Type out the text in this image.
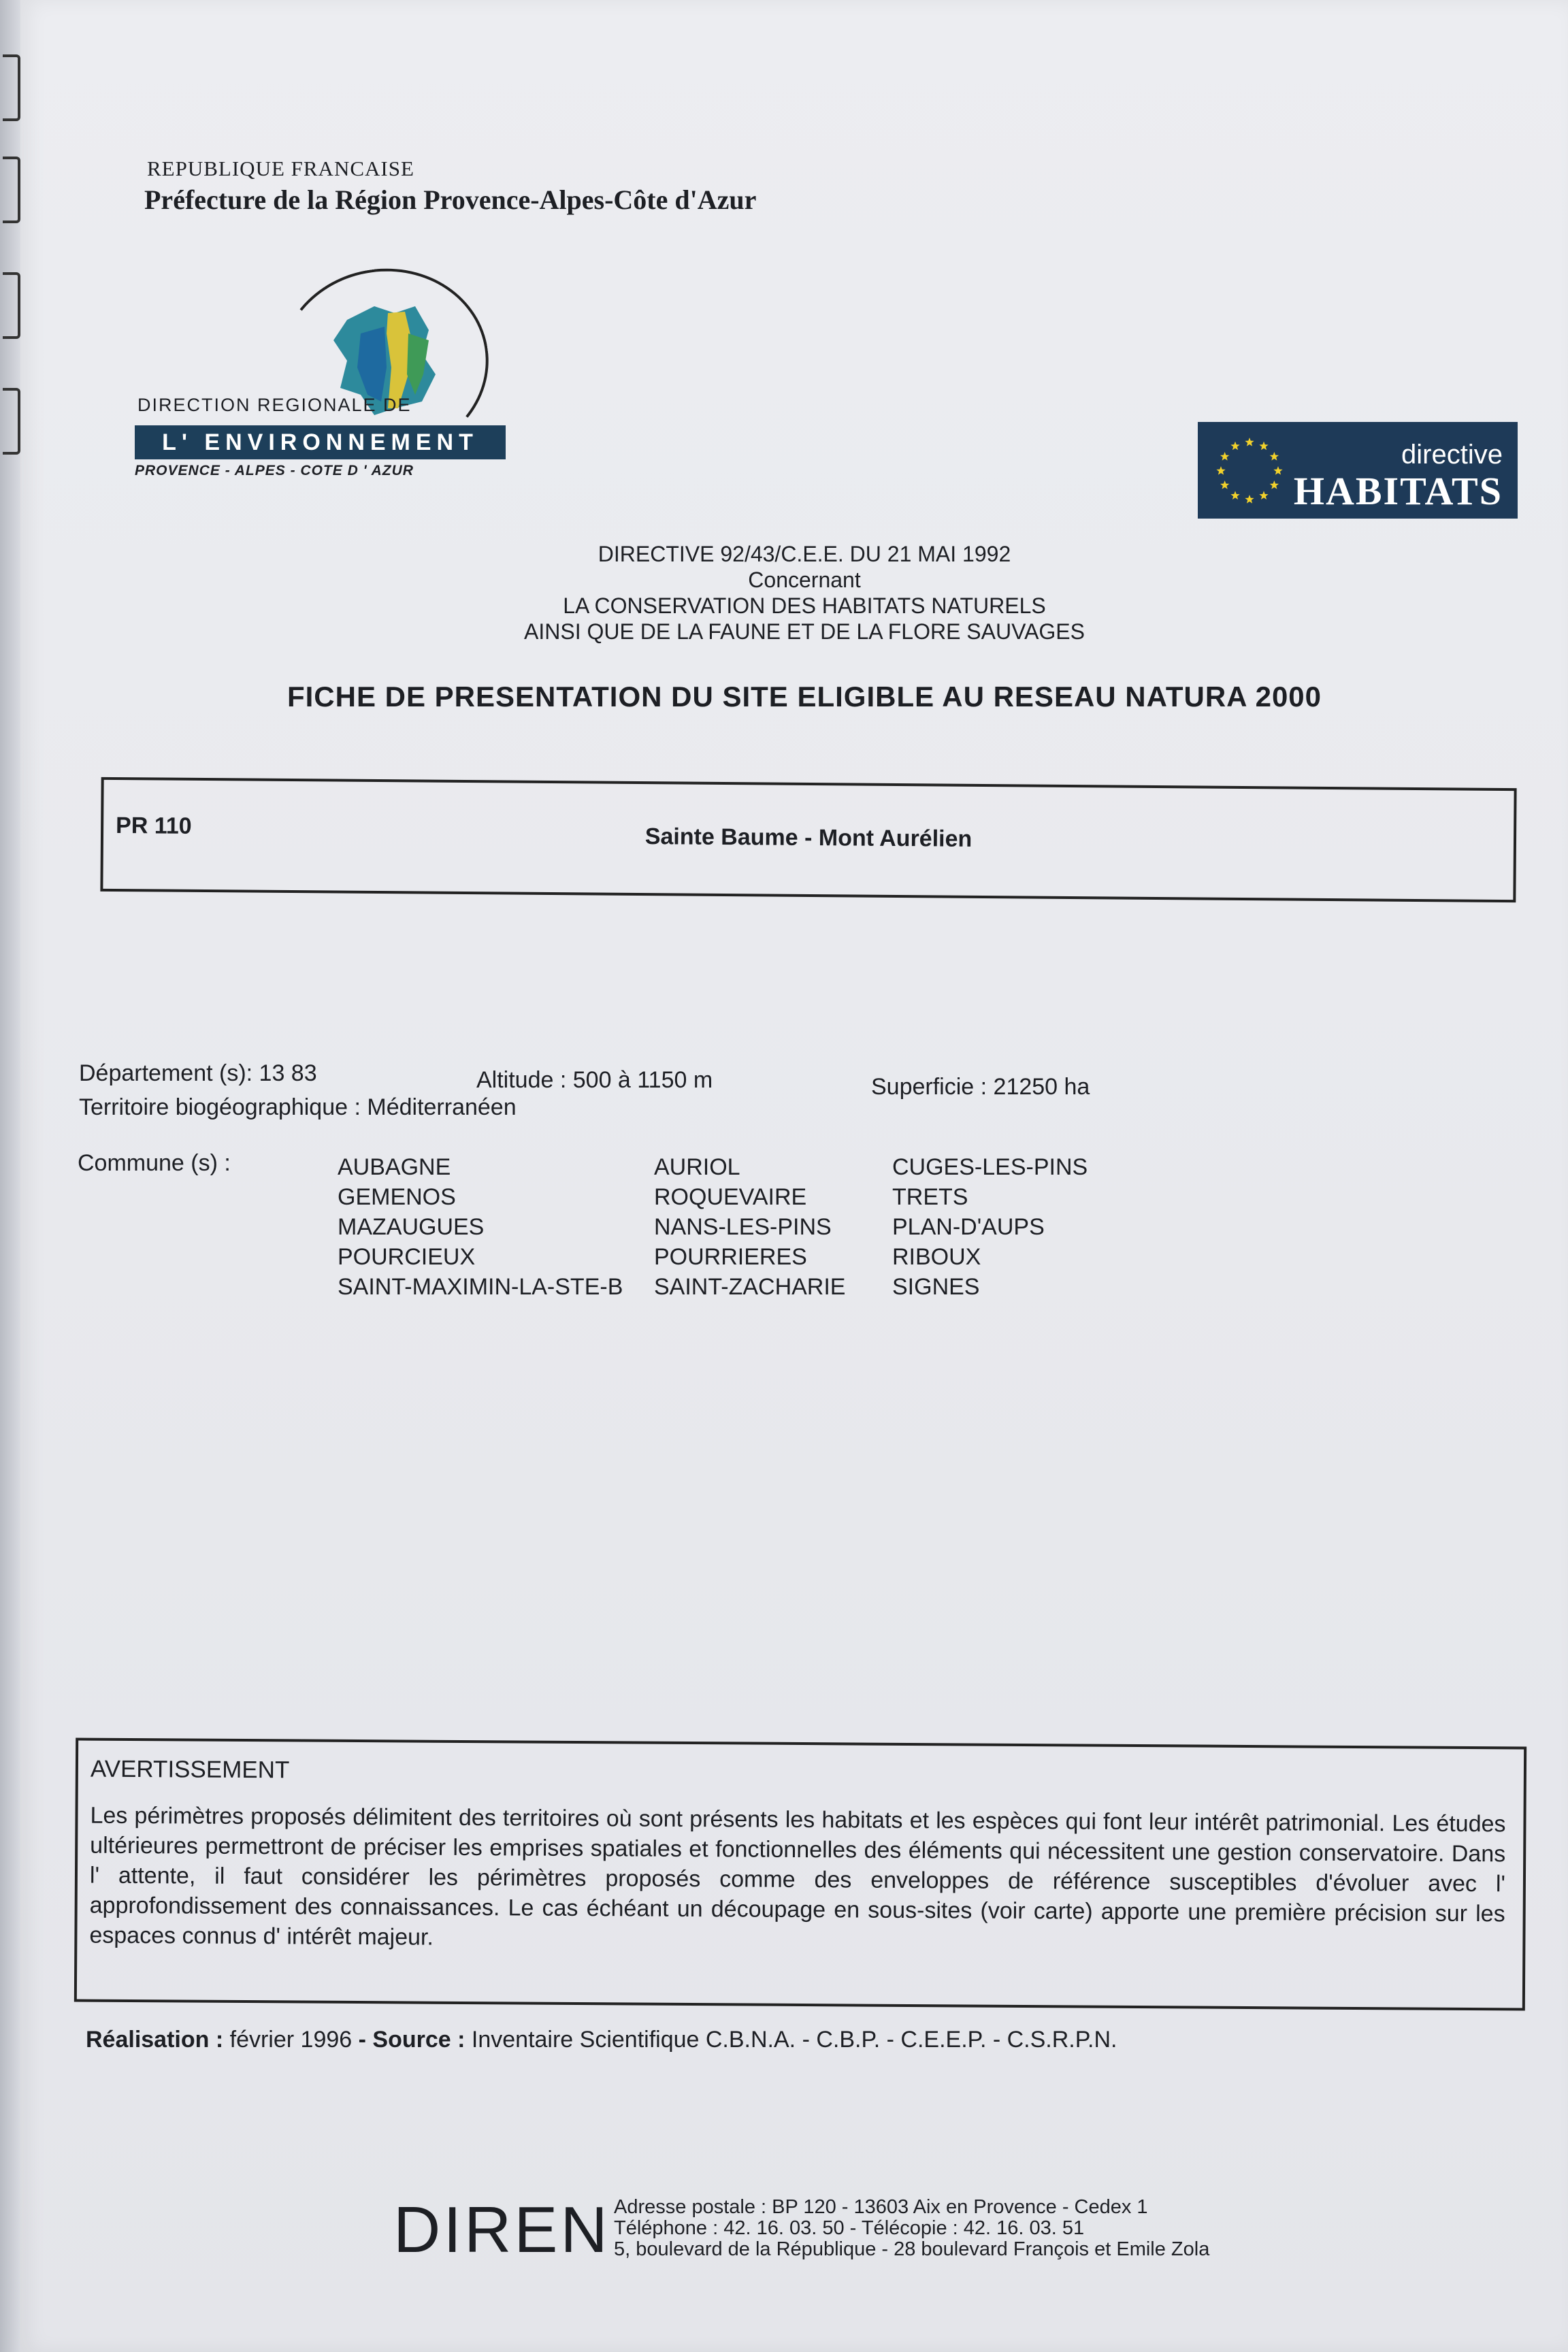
REPUBLIQUE FRANCAISE
Préfecture de la Région Provence-Alpes-Côte d'Azur
DIRECTION REGIONALE DE
L' ENVIRONNEMENT
PROVENCE - ALPES - COTE D ' AZUR
directive
HABITATS
DIRECTIVE 92/43/C.E.E. DU 21 MAI 1992
Concernant
LA CONSERVATION DES HABITATS NATURELS
AINSI QUE DE LA FAUNE ET DE LA FLORE SAUVAGES
FICHE DE PRESENTATION DU SITE ELIGIBLE AU RESEAU NATURA 2000
PR 110	Sainte Baume - Mont Aurélien
Département (s): 13 83	Altitude : 500 à 1150 m	Superficie : 21250 ha
Territoire biogéographique : Méditerranéen
Commune (s) :	AUBAGNE	AURIOL	CUGES-LES-PINS
GEMENOS	ROQUEVAIRE	TRETS
MAZAUGUES	NANS-LES-PINS	PLAN-D'AUPS
POURCIEUX	POURRIERES	RIBOUX
SAINT-MAXIMIN-LA-STE-B	SAINT-ZACHARIE	SIGNES
AVERTISSEMENT
Les périmètres proposés délimitent des territoires où sont présents les habitats et les espèces qui font leur intérêt patrimonial. Les études ultérieures permettront de préciser les emprises spatiales et fonctionnelles des éléments qui nécessitent une gestion conservatoire. Dans l' attente, il faut considérer les périmètres proposés comme des enveloppes de référence susceptibles d'évoluer avec l' approfondissement des connaissances. Le cas échéant un découpage en sous-sites (voir carte) apporte une première précision sur les espaces connus d' intérêt majeur.
Réalisation : février 1996 - Source : Inventaire Scientifique C.B.N.A. - C.B.P. - C.E.E.P. - C.S.R.P.N.
DIREN Adresse postale : BP 120 - 13603 Aix en Provence - Cedex 1
Téléphone : 42. 16. 03. 50 - Télécopie : 42. 16. 03. 51
5, boulevard de la République - 28 boulevard François et Emile Zola
